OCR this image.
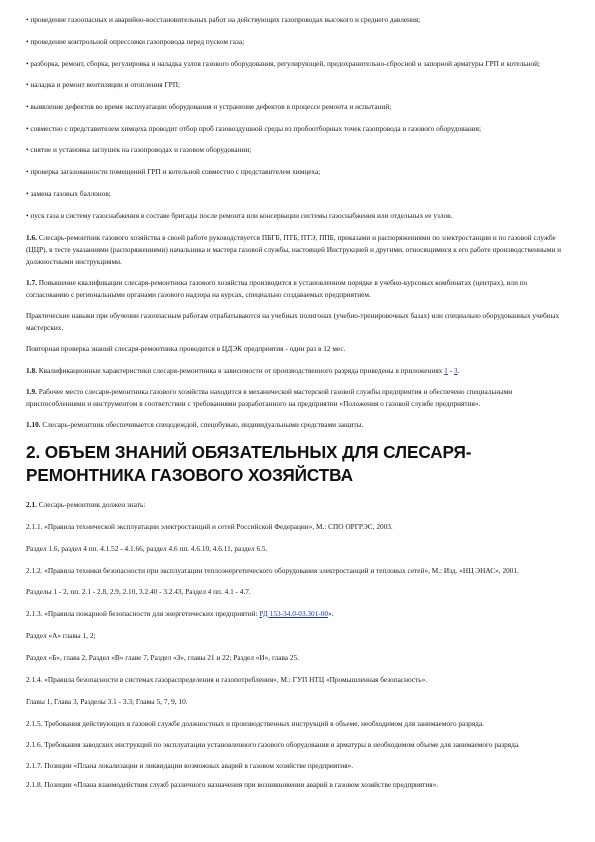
• проведение газоопасных и аварийно-восстановительных работ на действующих газопроводах высокого и среднего давления;

• проведение контрольной опрессовки газопровода перед пуском газа;

• разборка, ремонт, сборка, регулировка и наладка узлов газового оборудования, регулирующей, предохранительно-сбросной и запорной арматуры ГРП и котельной;

• наладка и ремонт вентиляции и отопления ГРП;

• выявление дефектов во время эксплуатации оборудования и устранение дефектов в процессе ремонта и испытаний;

• совместно с представителем химцеха проводит отбор проб газовоздушной среды из пробоотборных точек газопровода и газового оборудования;

• снятие и установка заглушек на газопроводах и газовом оборудовании;

• проверка загазованности помещений ГРП и котельной совместно с представителем химцеха;

• замена газовых баллонов;

• пуск газа в систему газоснабжения в составе бригады после ремонта или консервации системы газоснабжения или отдельных ее узлов.

1.6. Слесарь-ремонтник газового хозяйства в своей работе руководствуется ПБГБ, ПТБ, ПТЭ, ППБ, приказами и распоряжениями по электростанции и по газовой службе (ЦЦР), в тесте указаниями (распоряжениями) начальника и мастера газовой службы, настоящей Инструкцией и другими, относящимися к его работе производственными и должностными инструкциями.

1.7. Повышение квалификации слесаря-ремонтника газового хозяйства производится в установленном порядке в учебно-курсовых комбинатах (центрах), или по согласованию с региональными органами газового надзора на курсах, специально создаваемых предприятием.

Практические навыки при обучении газоопасным работам отрабатываются на учебных полигонах (учебно-тренировочных базах) или специально оборудованных учебных мастерских.

Повторная проверка знаний слесаря-ремонтника проводится в ЦДЭК предприятия - один раз в 12 мес.

1.8. Квалификационные характеристики слесаря-ремонтника в зависимости от производственного разряда приведены в приложениях 1 - 3.

1.9. Рабочее место слесаря-ремонтника газового хозяйства находится в механической мастерской газовой службы предприятия и обеспечено специальными приспособлениями и инструментом в соответствии с требованиями разработанного на предприятии «Положения о газовой службе предприятия».

1.10. Слесарь-ремонтник обеспечивается спецодеждой, спецобувью, индивидуальными средствами защиты.

2. ОБЪЕМ ЗНАНИЙ ОБЯЗАТЕЛЬНЫХ ДЛЯ СЛЕСАРЯ-РЕМОНТНИКА ГАЗОВОГО ХОЗЯЙСТВА

2.1. Слесарь-ремонтник должен знать:

2.1.1. «Правила технической эксплуатации электростанций и сетей Российской Федерации», М.: СПО ОРГРЭС, 2003.

Раздел 1.6, раздел 4 пп. 4.1.52 - 4.1.66, раздел 4.6 пп. 4.6.10, 4.6.11, раздел 6.5.

2.1.2. «Правила техники безопасности при эксплуатации теплоэнергетического оборудования электростанций и тепловых сетей», М.: Изд. «НЦ ЭНАС», 2001.

Разделы 1 - 2, пп. 2.1 - 2.8, 2.9, 2.10, 3.2.40 - 3.2.43, Раздел 4 пп. 4.1 - 4.7.

2.1.3. «Правила пожарной безопасности для энергетических предприятий: РД 153-34.0-03.301-00».

Раздел «А» главы 1, 2;

Раздел «Б», глава 2, Раздел «В» главе 7, Раздел «З», главы 21 и 22; Раздел «И», глава 25.

2.1.4. «Правила безопасности в системах газораспределения и газопотребления», М.: ГУП НТЦ «Промышленная безопасность».

Главы 1, Глава 3, Разделы 3.1 - 3.3; Главы 5, 7, 9, 10.

2.1.5. Требования действующих в газовой службе должностных и производственных инструкций в объеме, необходимом для занимаемого разряда.

2.1.6. Требования заводских инструкций по эксплуатации установленного газового оборудования и арматуры в необходимом объеме для занимаемого разряда.

2.1.7. Позиции «Плана локализации и ликвидации возможных аварий в газовом хозяйстве предприятия».

2.1.8. Позиции «Плана взаимодействия служб различного назначения при возникновении аварий в газовом хозяйстве предприятия».
